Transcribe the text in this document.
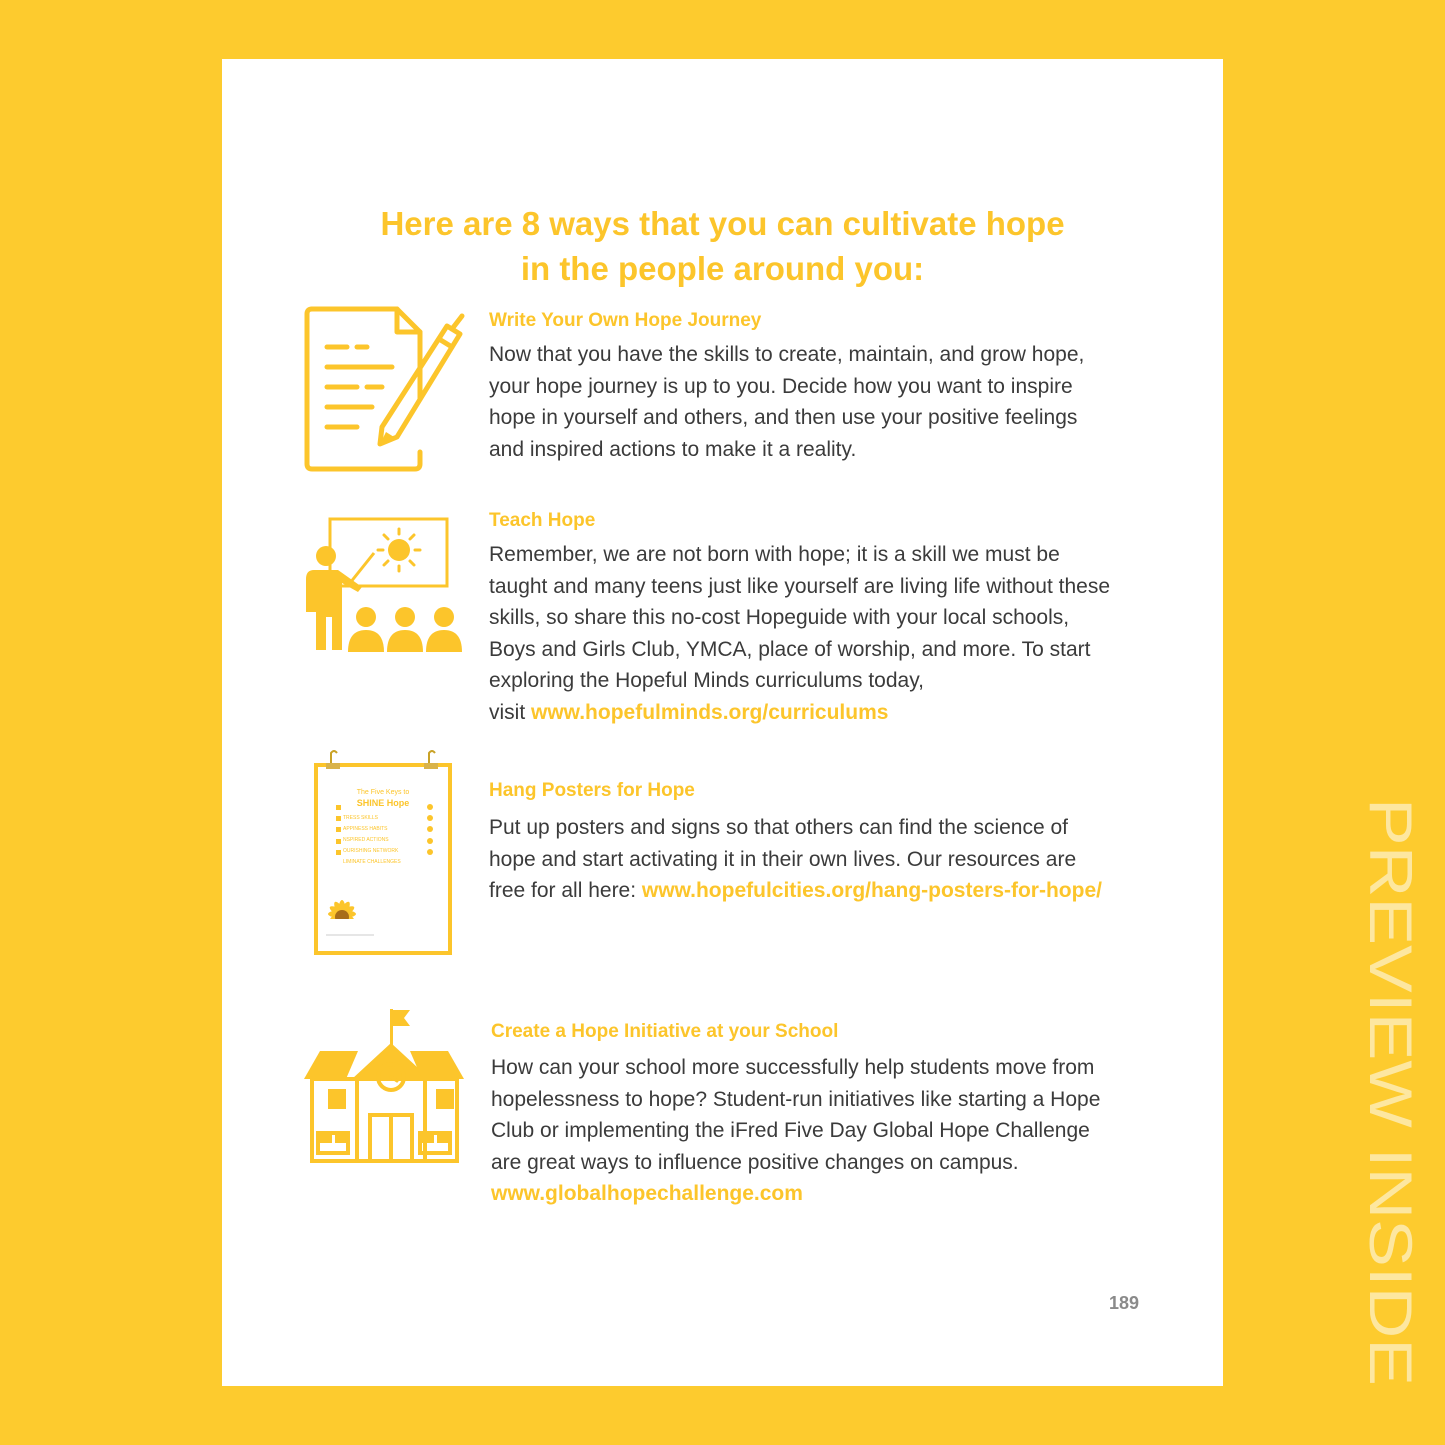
Here are 8 ways that you can cultivate hope
in the people around you:
Write Your Own Hope Journey
Now that you have the skills to create, maintain, and grow hope,
your hope journey is up to you. Decide how you want to inspire
hope in yourself and others, and then use your positive feelings
and inspired actions to make it a reality.
Teach Hope
Remember, we are not born with hope; it is a skill we must be
taught and many teens just like yourself are living life without these
skills, so share this no-cost Hopeguide with your local schools,
Boys and Girls Club, YMCA, place of worship, and more. To start
exploring the Hopeful Minds curriculums today,
visit www.hopefulminds.org/curriculums
The Five Keys to
SHINE Hope
TRESS SKILLS
APPINESS HABITS
NSPIRED ACTIONS
OURISHING NETWORK
LIMINATE CHALLENGES
Hang Posters for Hope
Put up posters and signs so that others can find the science of
hope and start activating it in their own lives. Our resources are
free for all here: www.hopefulcities.org/hang-posters-for-hope/
Create a Hope Initiative at your School
How can your school more successfully help students move from
hopelessness to hope? Student-run initiatives like starting a Hope
Club or implementing the iFred Five Day Global Hope Challenge
are great ways to influence positive changes on campus.
www.globalhopechallenge.com
189
PREVIEW INSIDE
